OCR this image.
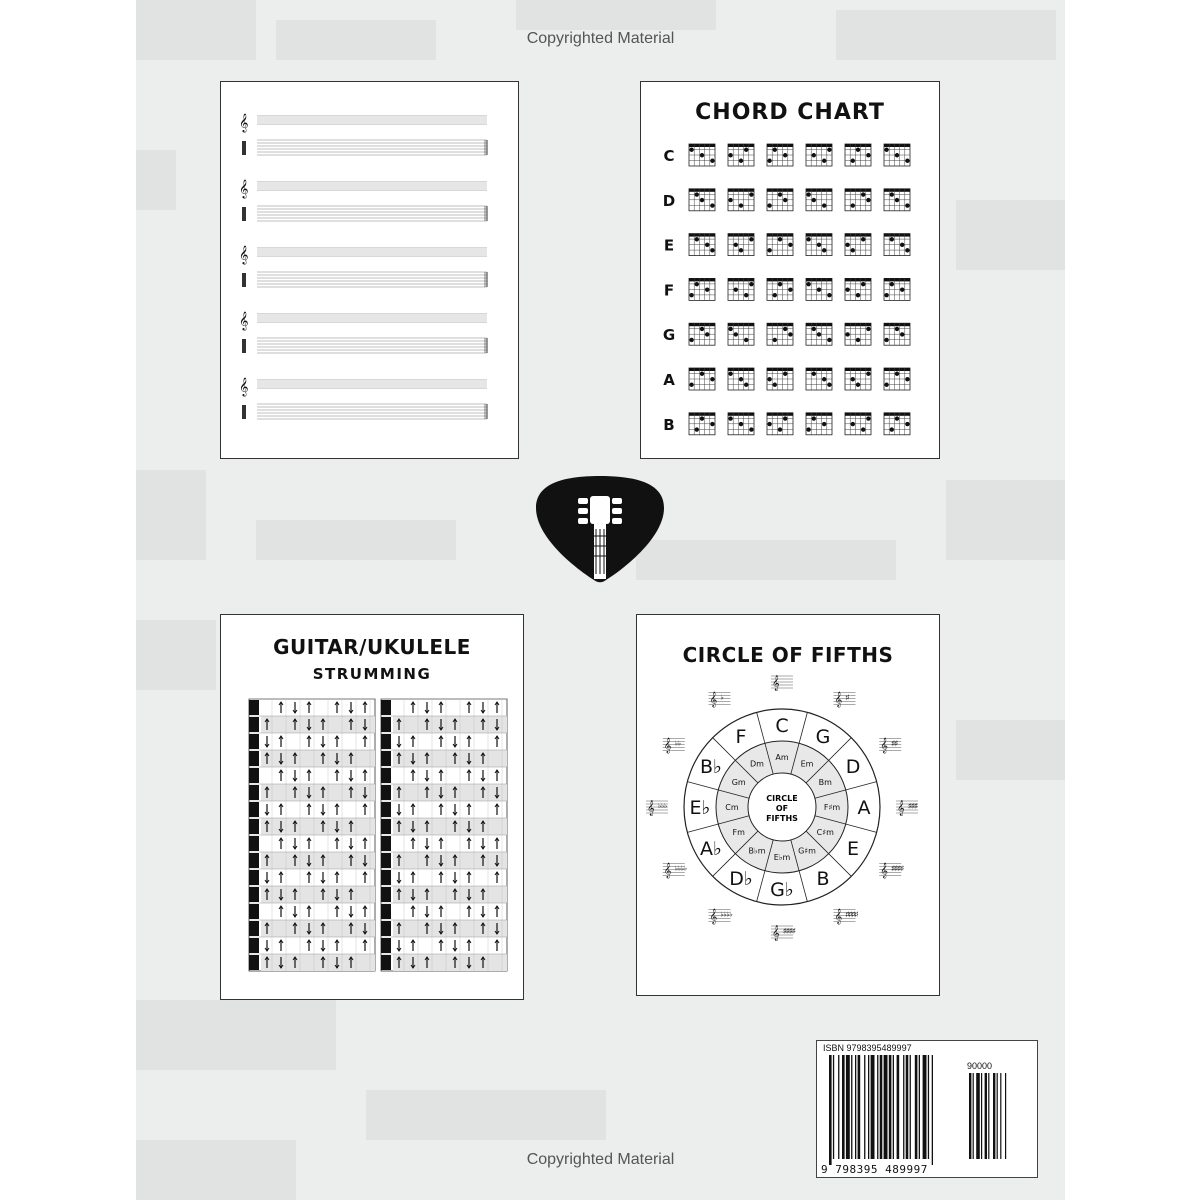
Copyrighted Material
𝄞
𝄞
𝄞
𝄞
𝄞
CHORD CHART
C
D
E
F
G
A
B
GUITAR/UKULELE
STRUMMING
CIRCLE OF FIFTHS
C
Am
G
Em D
Bm
A
F♯m
E
C♯m
B
G♯m
G♭
E♭m
D♭
B♭m
A♭
Fm
E♭ Cm
B♭
Gm
F
Dm
CIRCLE
OF
FIFTHS
𝄞
𝄞 ♯
𝄞 ♯ ♯
𝄞 ♯ ♯ ♯
𝄞 ♯ ♯ ♯ ♯
𝄞 ♯ ♯ ♯ ♯
𝄞 ♯ ♯ ♯ ♯
𝄞 ♭ ♭ ♭ ♭
𝄞 ♭ ♭ ♭ ♭
𝄞 ♭ ♭ ♭
𝄞 ♭ ♭
𝄞 ♭
ISBN 9798395489997
90000
9 798395 489997
Copyrighted Material
